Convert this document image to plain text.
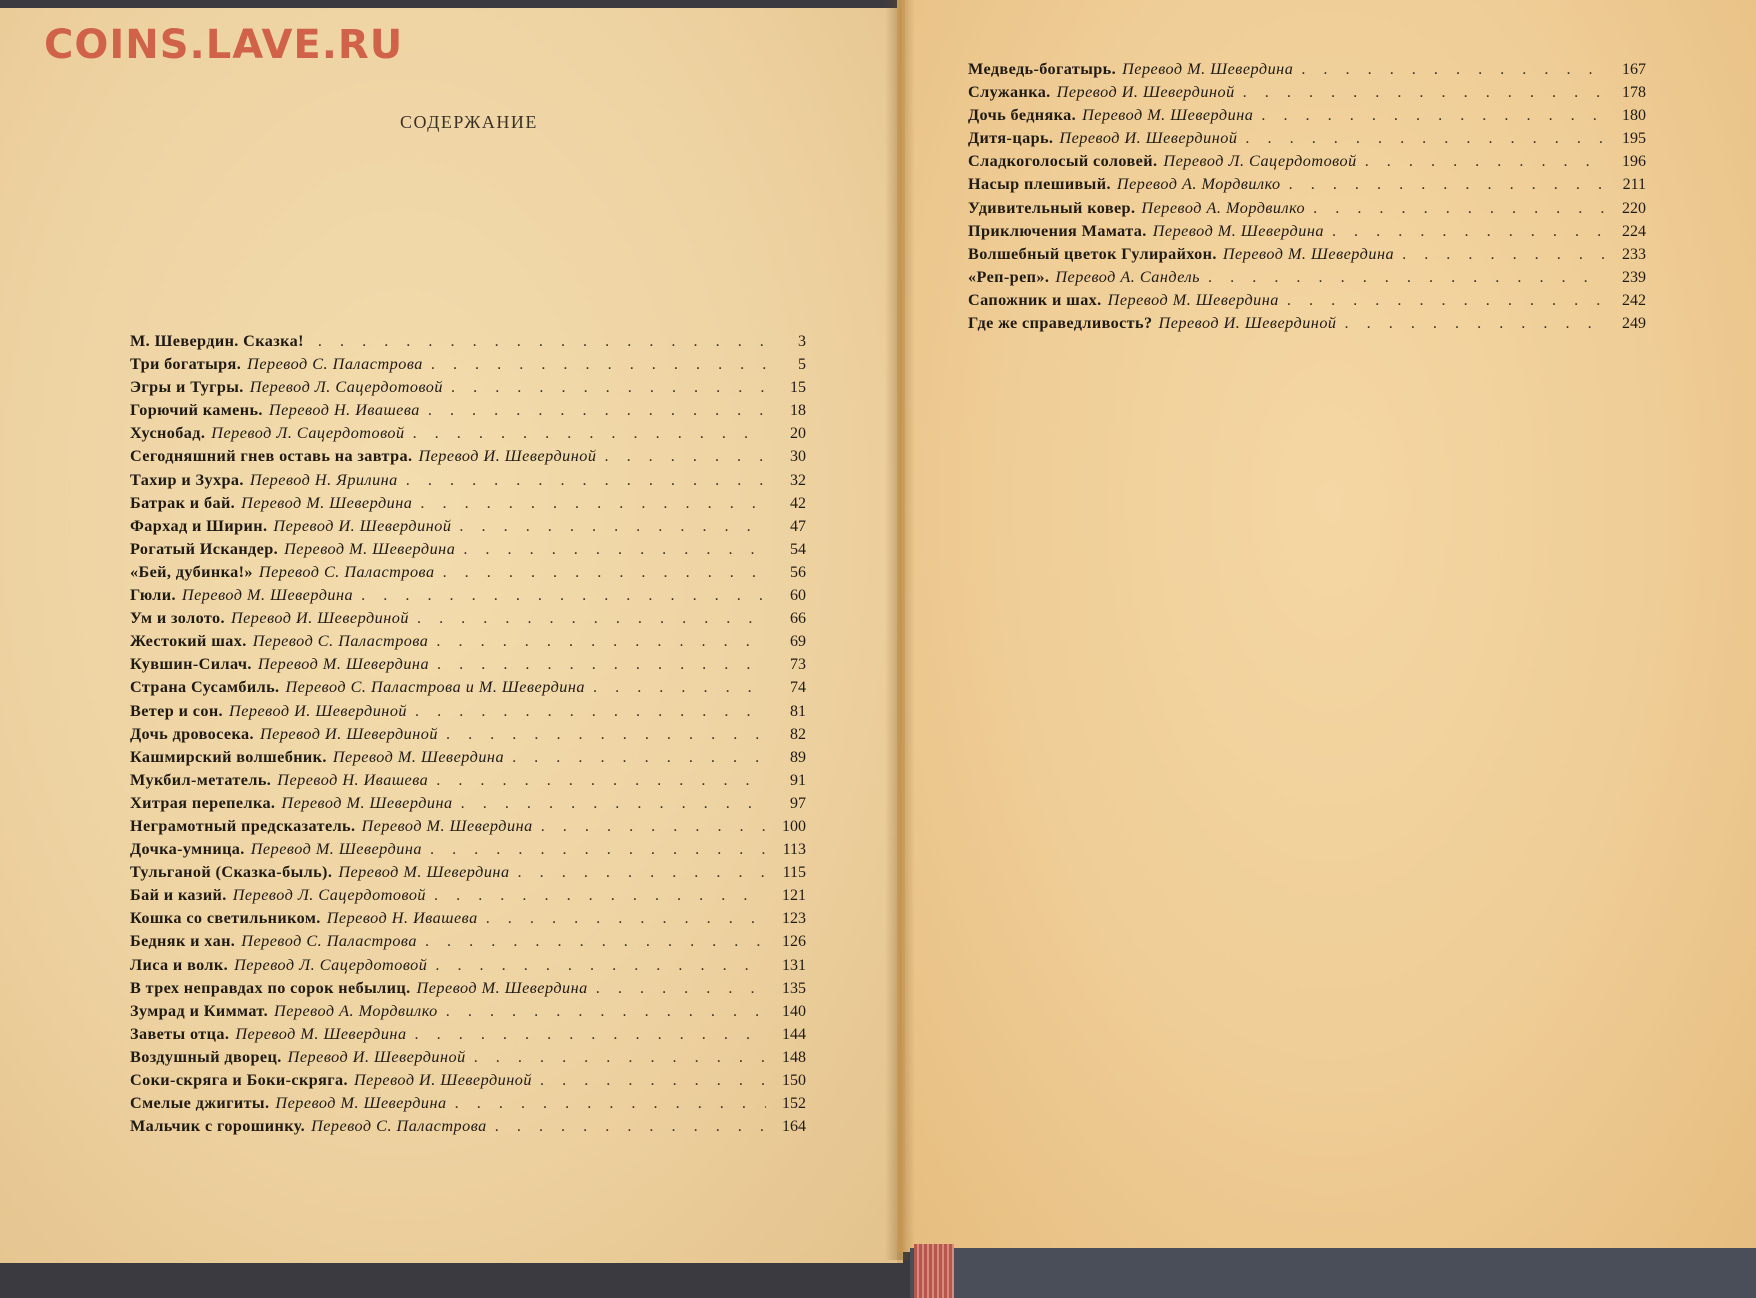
COINS.LAVE.RU
СОДЕРЖАНИЕ
М. Шевердин. Сказка! . . .	3
Три богатыря. Перевод С. Паластрова . . .	5
Эгры и Тугры. Перевод Л. Сацердотовой . . .	15
Горючий камень. Перевод Н. Ивашева . . .	18
Хуснобад. Перевод Л. Сацердотовой . . .	20
Сегодняшний гнев оставь на завтра. Перевод И. Шевердиной . . .	30
Тахир и Зухра. Перевод Н. Ярилина . . .	32
Батрак и бай. Перевод М. Шевердина . . .	42
Фархад и Ширин. Перевод И. Шевердиной . . .	47
Рогатый Искандер. Перевод М. Шевердина . . .	54
«Бей, дубинка!» Перевод С. Паластрова . . .	56
Гюли. Перевод М. Шевердина . . .	60
Ум и золото. Перевод И. Шевердиной . . .	66
Жестокий шах. Перевод С. Паластрова . . .	69
Кувшин-Силач. Перевод М. Шевердина . . .	73
Страна Сусамбиль. Перевод С. Паластрова и М. Шевердина . . .	74
Ветер и сон. Перевод И. Шевердиной . . .	81
Дочь дровосека. Перевод И. Шевердиной . . .	82
Кашмирский волшебник. Перевод М. Шевердина . . .	89
Мукбил-метатель. Перевод Н. Ивашева . . .	91
Хитрая перепелка. Перевод М. Шевердина . . .	97
Неграмотный предсказатель. Перевод М. Шевердина . . .	100
Дочка-умница. Перевод М. Шевердина . . .	113
Тульганой (Сказка-быль). Перевод М. Шевердина . . .	115
Бай и казий. Перевод Л. Сацердотовой . . .	121
Кошка со светильником. Перевод Н. Ивашева . . .	123
Бедняк и хан. Перевод С. Паластрова . . .	126
Лиса и волк. Перевод Л. Сацердотовой . . .	131
В трех неправдах по сорок небылиц. Перевод М. Шевердина . . .	135
Зумрад и Киммат. Перевод А. Мордвилко . . .	140
Заветы отца. Перевод М. Шевердина . . .	144
Воздушный дворец. Перевод И. Шевердиной . . .	148
Соки-скряга и Боки-скряга. Перевод И. Шевердиной . . .	150
Смелые джигиты. Перевод М. Шевердина . . .	152
Мальчик с горошинку. Перевод С. Паластрова . . .	164
Медведь-богатырь. Перевод М. Шевердина . . .	167
Служанка. Перевод И. Шевердиной . . .	178
Дочь бедняка. Перевод М. Шевердина . . .	180
Дитя-царь. Перевод И. Шевердиной . . .	195
Сладкоголосый соловей. Перевод Л. Сацердотовой . . .	196
Насыр плешивый. Перевод А. Мордвилко . . .	211
Удивительный ковер. Перевод А. Мордвилко . . .	220
Приключения Мамата. Перевод М. Шевердина . . .	224
Волшебный цветок Гулирайхон. Перевод М. Шевердина . . .	233
«Реп-реп». Перевод А. Сандель . . .	239
Сапожник и шах. Перевод М. Шевердина . . .	242
Где же справедливость? Перевод И. Шевердиной . . .	249
